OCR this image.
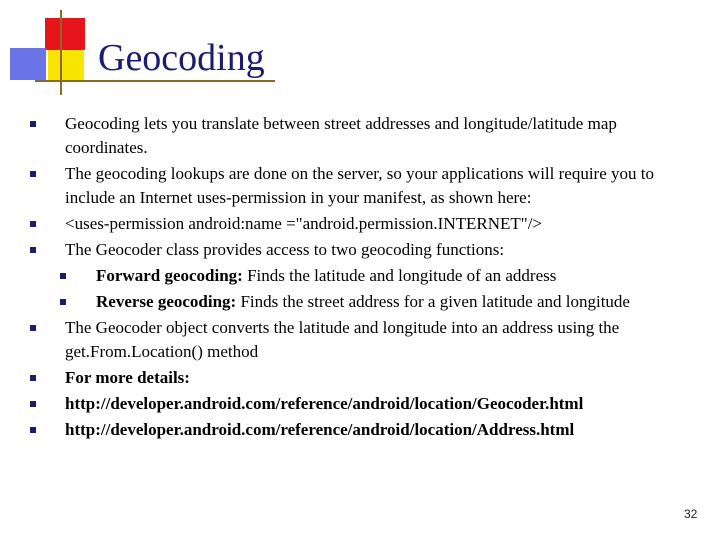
Geocoding
Geocoding lets you translate between street addresses and longitude/latitude map coordinates.
The geocoding lookups are done on the server, so your applications will require you to include an Internet uses-permission in your manifest, as shown here:
<uses-permission android:name ="android.permission.INTERNET"/>
The Geocoder class provides access to two geocoding functions:
Forward geocoding: Finds the latitude and longitude of an address
Reverse geocoding: Finds the street address for a given latitude and longitude
The Geocoder object converts the latitude and longitude into an address using the get.From.Location() method
For more details:
http://developer.android.com/reference/android/location/Geocoder.html
http://developer.android.com/reference/android/location/Address.html
32
